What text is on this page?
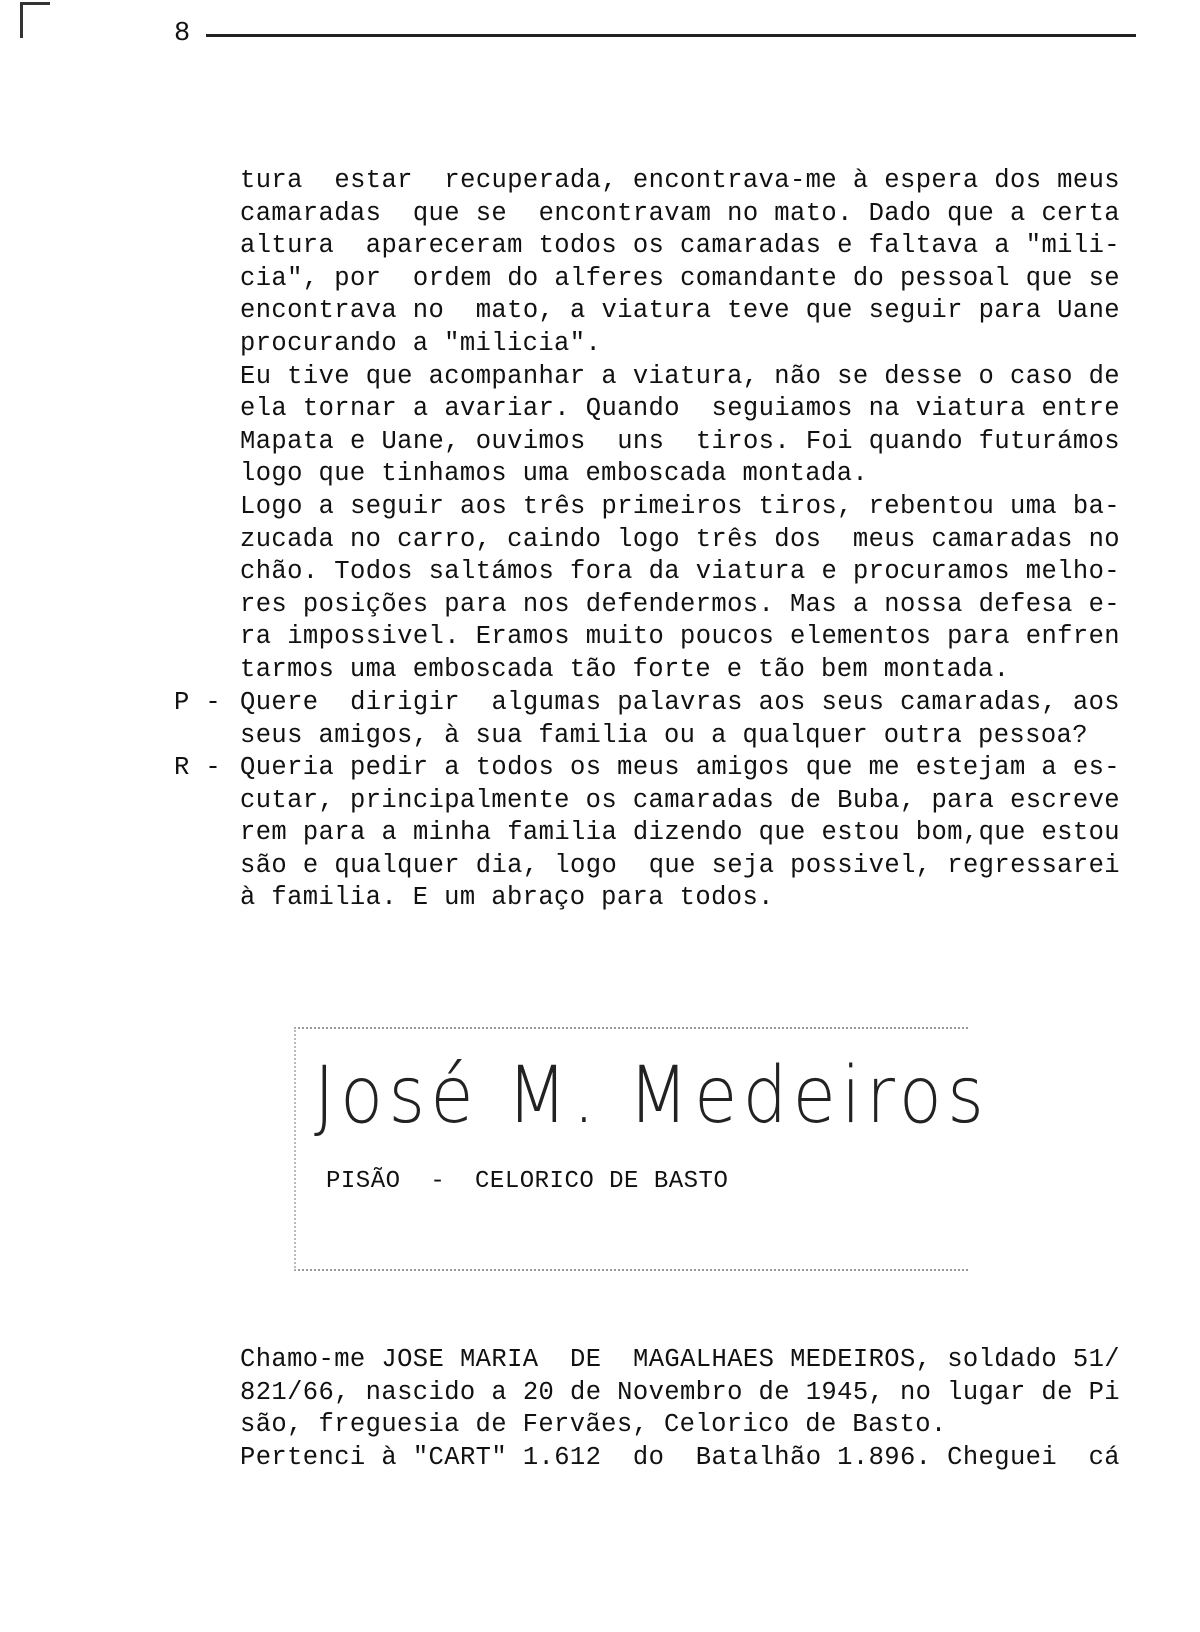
8
tura  estar  recuperada, encontrava-me à espera dos meus
camaradas  que se  encontravam no mato. Dado que a certa
altura  apareceram todos os camaradas e faltava a "mili-
cia", por  ordem do alferes comandante do pessoal que se
encontrava no  mato, a viatura teve que seguir para Uane
procurando a "milicia".
Eu tive que acompanhar a viatura, não se desse o caso de
ela tornar a avariar. Quando  seguiamos na viatura entre
Mapata e Uane, ouvimos  uns  tiros. Foi quando futurámos
logo que tinhamos uma emboscada montada.
Logo a seguir aos três primeiros tiros, rebentou uma ba-
zucada no carro, caindo logo três dos  meus camaradas no
chão. Todos saltámos fora da viatura e procuramos melho-
res posições para nos defendermos. Mas a nossa defesa e-
ra impossivel. Eramos muito poucos elementos para enfren
tarmos uma emboscada tão forte e tão bem montada.
P - Quere  dirigir  algumas palavras aos seus camaradas, aos
seus amigos, à sua familia ou a qualquer outra pessoa?
R - Queria pedir a todos os meus amigos que me estejam a es-
cutar, principalmente os camaradas de Buba, para escreve
rem para a minha familia dizendo que estou bom,que estou
são e qualquer dia, logo  que seja possivel, regressarei
à familia. E um abraço para todos.
José M. Medeiros
PISÃO  -  CELORICO DE BASTO
Chamo-me JOSE MARIA  DE  MAGALHAES MEDEIROS, soldado 51/
821/66, nascido a 20 de Novembro de 1945, no lugar de Pi
são, freguesia de Fervães, Celorico de Basto.
Pertenci à "CART" 1.612  do  Batalhão 1.896. Cheguei  cá
